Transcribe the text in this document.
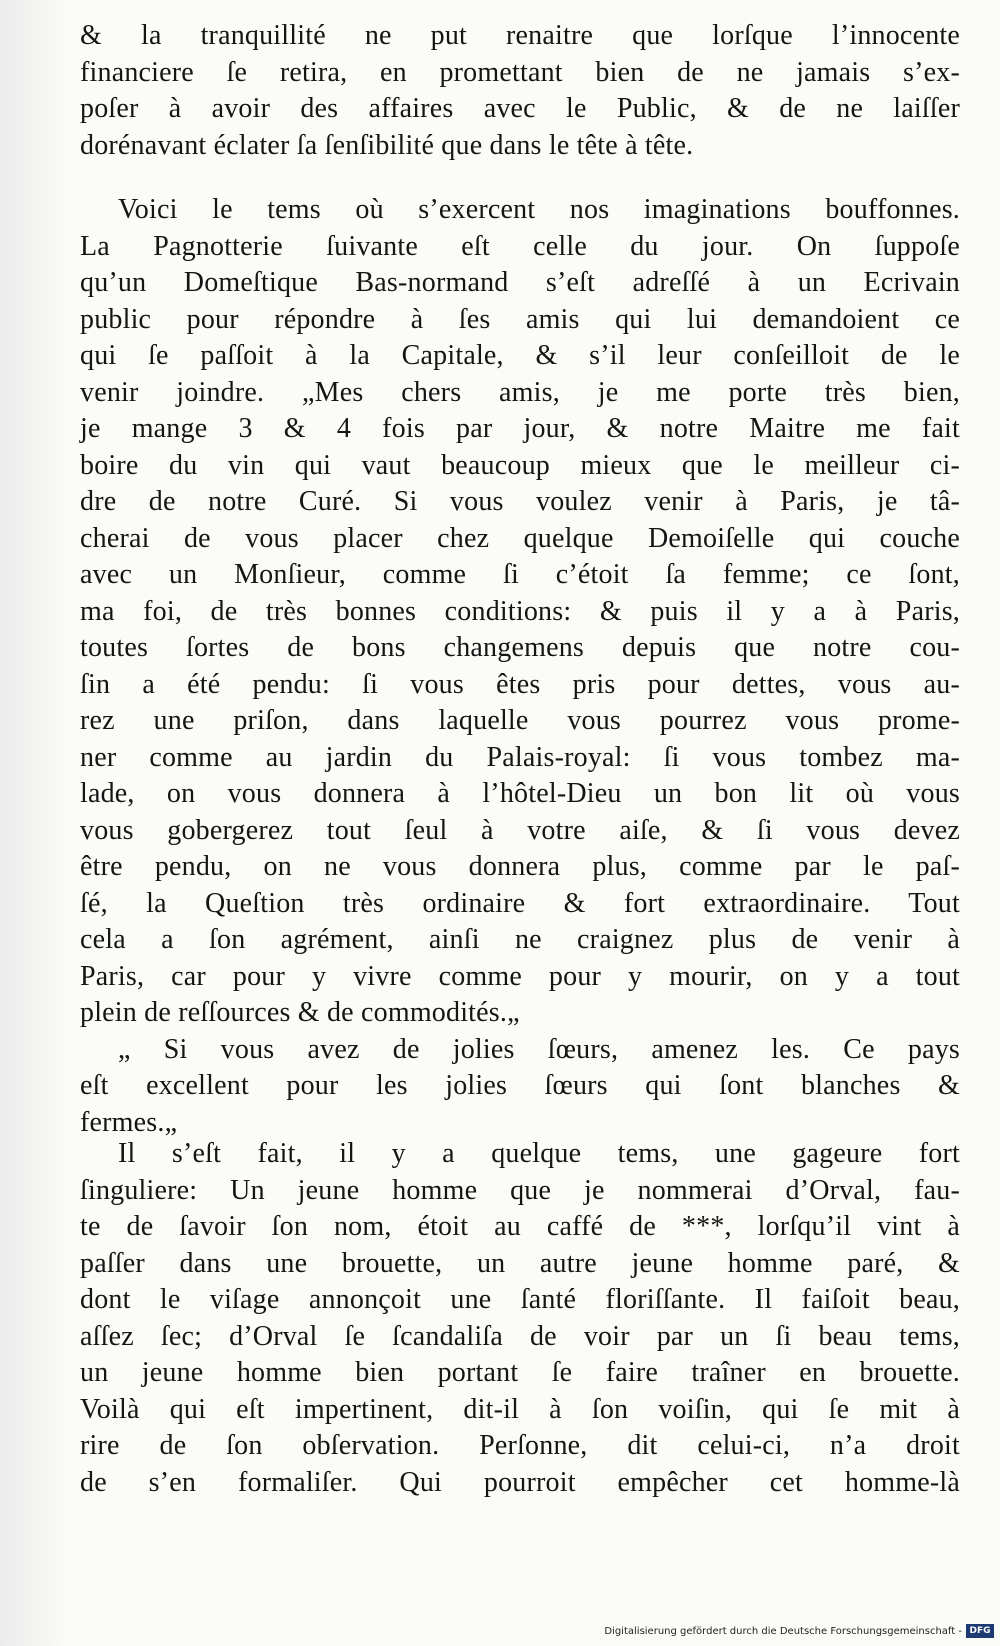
& la tranquillité ne put renaitre que lorſque l’innocente
financiere ſe retira, en promettant bien de ne jamais s’ex-
poſer à avoir des affaires avec le Public, & de ne laiſſer
dorénavant éclater ſa ſenſibilité que dans le tête à tête.
Voici le tems où s’exercent nos imaginations bouffonnes.
La Pagnotterie ſuivante eſt celle du jour. On ſuppoſe
qu’un Domeſtique Bas-normand s’eſt adreſſé à un Ecrivain
public pour répondre à ſes amis qui lui demandoient ce
qui ſe paſſoit à la Capitale, & s’il leur conſeilloit de le
venir joindre. „Mes chers amis, je me porte très bien,
je mange 3 & 4 fois par jour, & notre Maitre me fait
boire du vin qui vaut beaucoup mieux que le meilleur ci-
dre de notre Curé. Si vous voulez venir à Paris, je tâ-
cherai de vous placer chez quelque Demoiſelle qui couche
avec un Monſieur, comme ſi c’étoit ſa femme; ce ſont,
ma foi, de très bonnes conditions: & puis il y a à Paris,
toutes ſortes de bons changemens depuis que notre cou-
ſin a été pendu: ſi vous êtes pris pour dettes, vous au-
rez une priſon, dans laquelle vous pourrez vous prome-
ner comme au jardin du Palais-royal: ſi vous tombez ma-
lade, on vous donnera à l’hôtel-Dieu un bon lit où vous
vous gobergerez tout ſeul à votre aiſe, & ſi vous devez
être pendu, on ne vous donnera plus, comme par le paſ-
ſé, la Queſtion très ordinaire & fort extraordinaire. Tout
cela a ſon agrément, ainſi ne craignez plus de venir à
Paris, car pour y vivre comme pour y mourir, on y a tout
plein de reſſources & de commodités.„
„ Si vous avez de jolies ſœurs, amenez les. Ce pays
eſt excellent pour les jolies ſœurs qui ſont blanches &
fermes.„
Il s’eſt fait, il y a quelque tems, une gageure fort
ſinguliere: Un jeune homme que je nommerai d’Orval, fau-
te de ſavoir ſon nom, étoit au caffé de ***, lorſqu’il vint à
paſſer dans une brouette, un autre jeune homme paré, &
dont le viſage annonçoit une ſanté floriſſante. Il faiſoit beau,
aſſez ſec; d’Orval ſe ſcandaliſa de voir par un ſi beau tems,
un jeune homme bien portant ſe faire traîner en brouette.
Voilà qui eſt impertinent, dit-il à ſon voiſin, qui ſe mit à
rire de ſon obſervation. Perſonne, dit celui-ci, n’a droit
de s’en formaliſer. Qui pourroit empêcher cet homme-là
Digitalisierung gefördert durch die Deutsche Forschungsgemeinschaft - DFG
